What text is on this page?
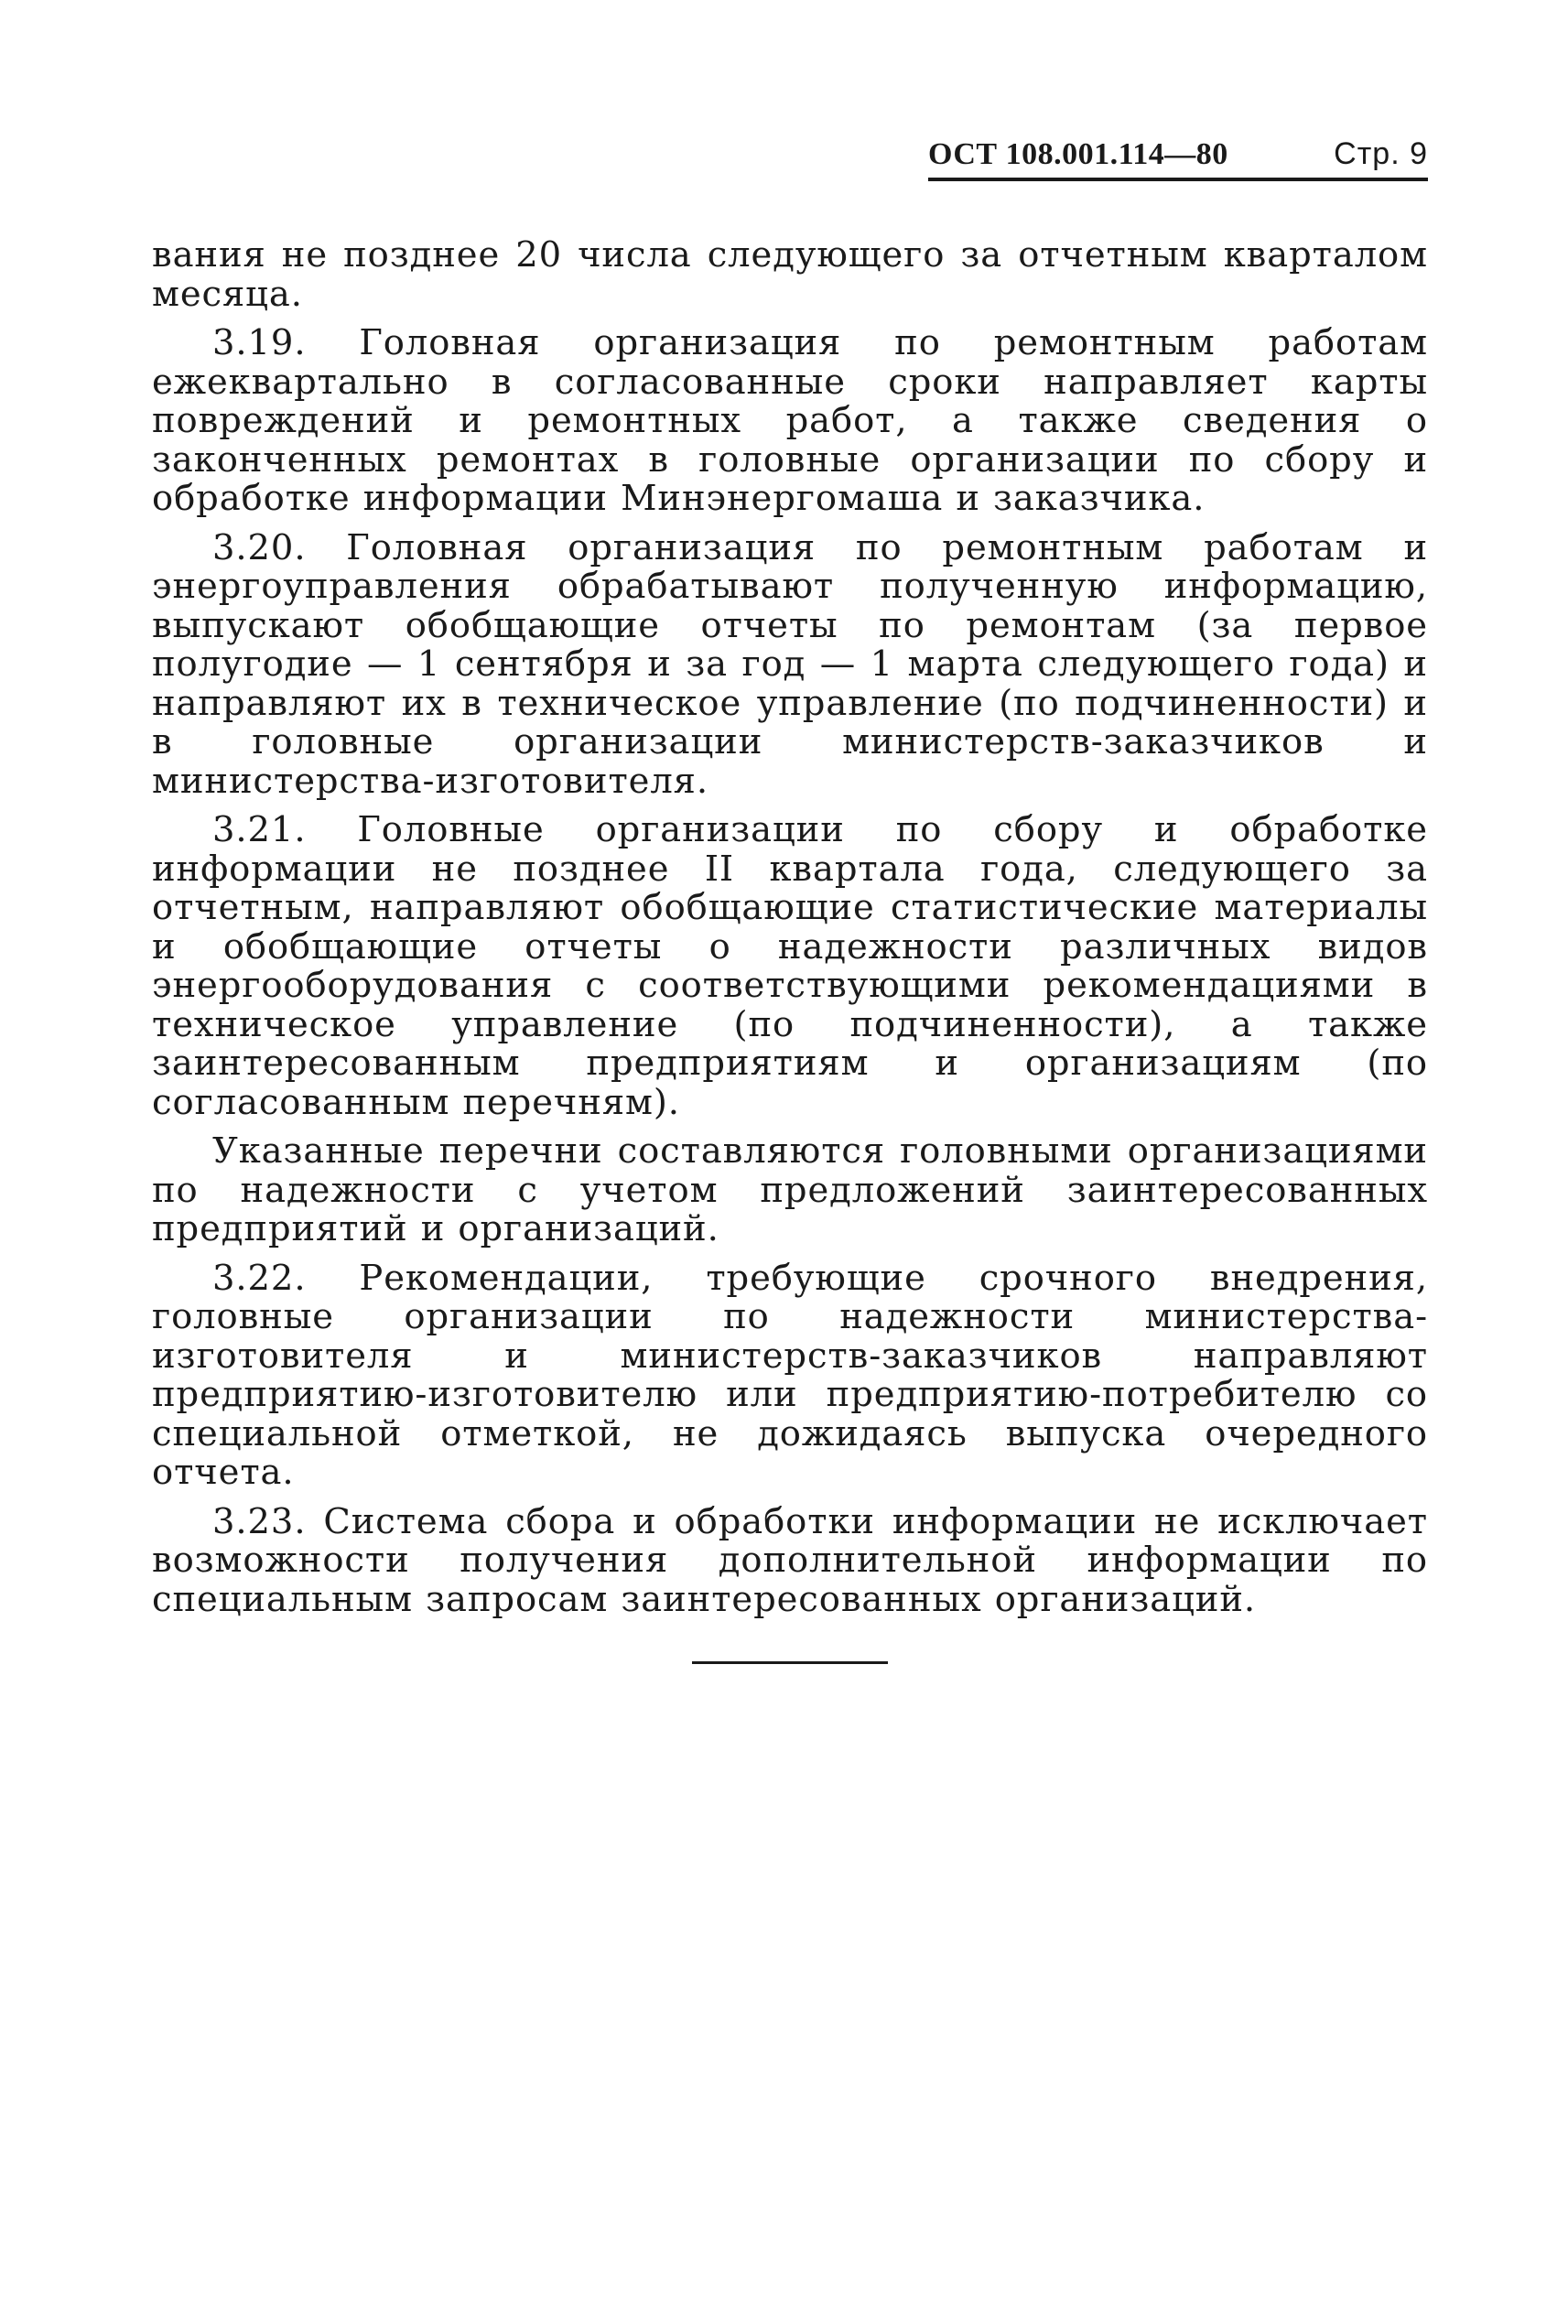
ОСТ 108.001.114—80	Стр. 9

вания не позднее 20 числа следующего за отчетным кварталом месяца.

3.19. Головная организация по ремонтным работам ежеквартально в согласованные сроки направляет карты повреждений и ремонтных работ, а также сведения о законченных ремонтах в головные организации по сбору и обработке информации Минэнергомаша и заказчика.

3.20. Головная организация по ремонтным работам и энергоуправления обрабатывают полученную информацию, выпускают обобщающие отчеты по ремонтам (за первое полугодие — 1 сентября и за год — 1 марта следующего года) и направляют их в техническое управление (по подчиненности) и в головные организации министерств-заказчиков и министерства-изготовителя.

3.21. Головные организации по сбору и обработке информации не позднее II квартала года, следующего за отчетным, направляют обобщающие статистические материалы и обобщающие отчеты о надежности различных видов энергооборудования с соответствующими рекомендациями в техническое управление (по подчиненности), а также заинтересованным предприятиям и организациям (по согласованным перечням).

Указанные перечни составляются головными организациями по надежности с учетом предложений заинтересованных предприятий и организаций.

3.22. Рекомендации, требующие срочного внедрения, головные организации по надежности министерства-изготовителя и министерств-заказчиков направляют предприятию-изготовителю или предприятию-потребителю со специальной отметкой, не дожидаясь выпуска очередного отчета.

3.23. Система сбора и обработки информации не исключает возможности получения дополнительной информации по специальным запросам заинтересованных организаций.
